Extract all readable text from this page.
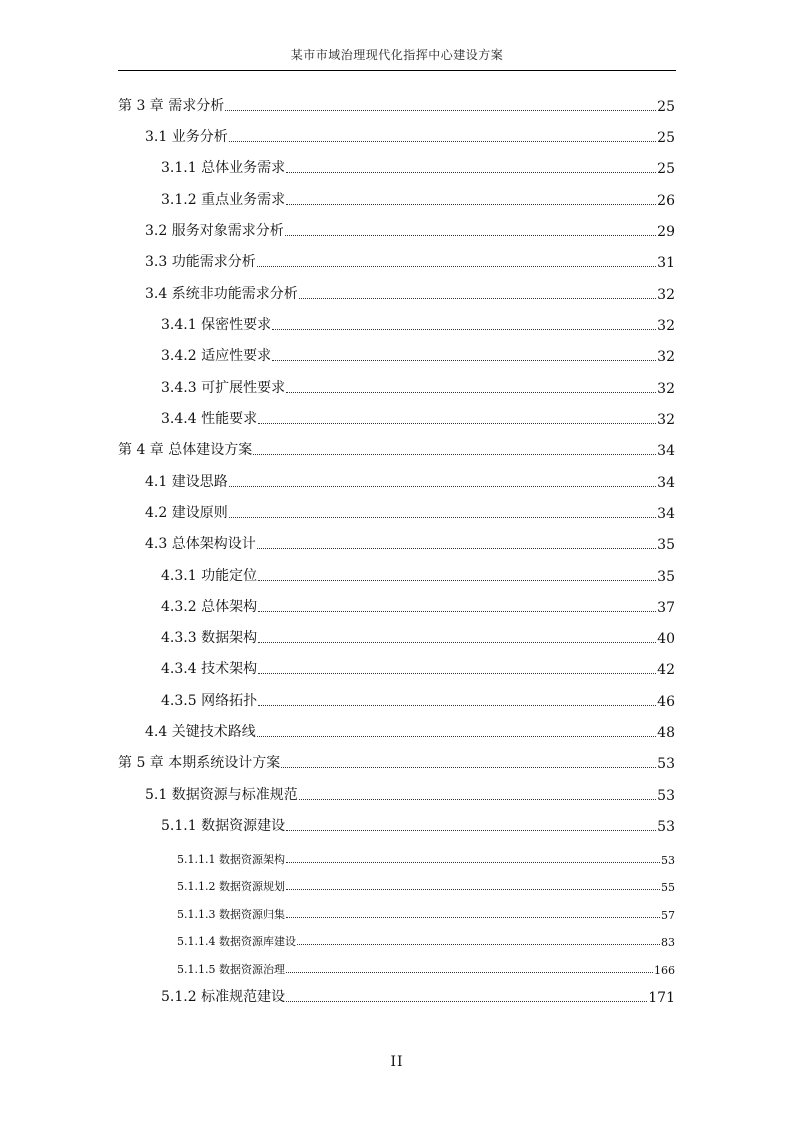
某市市域治理现代化指挥中心建设方案
第 3 章 需求分析	25
3.1 业务分析	25
3.1.1 总体业务需求	25
3.1.2 重点业务需求	26
3.2 服务对象需求分析	29
3.3 功能需求分析	31
3.4 系统非功能需求分析	32
3.4.1 保密性要求	32
3.4.2 适应性要求	32
3.4.3 可扩展性要求	32
3.4.4 性能要求	32
第 4 章 总体建设方案	34
4.1 建设思路	34
4.2 建设原则	34
4.3 总体架构设计	35
4.3.1 功能定位	35
4.3.2 总体架构	37
4.3.3 数据架构	40
4.3.4 技术架构	42
4.3.5 网络拓扑	46
4.4 关键技术路线	48
第 5 章 本期系统设计方案	53
5.1 数据资源与标准规范	53
5.1.1 数据资源建设	53
5.1.1.1 数据资源架构	53
5.1.1.2 数据资源规划	55
5.1.1.3 数据资源归集	57
5.1.1.4 数据资源库建设	83
5.1.1.5 数据资源治理	166
5.1.2 标准规范建设	171
II
